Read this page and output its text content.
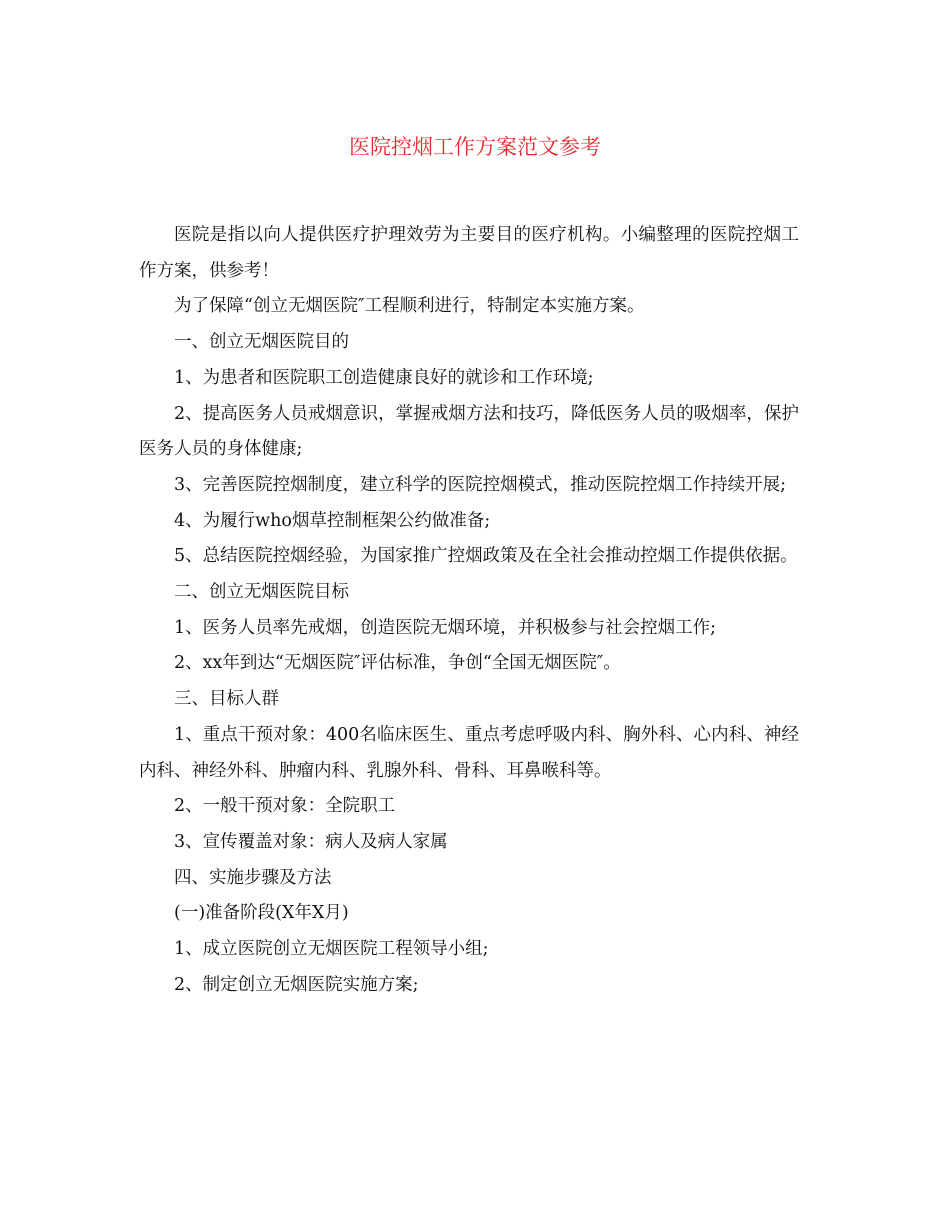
医院控烟工作方案范文参考

医院是指以向人提供医疗护理效劳为主要目的医疗机构。小编整理的医院控烟工作方案，供参考！

为了保障“创立无烟医院″工程顺利进行，特制定本实施方案。

一、创立无烟医院目的

1、为患者和医院职工创造健康良好的就诊和工作环境;

2、提高医务人员戒烟意识，掌握戒烟方法和技巧，降低医务人员的吸烟率，保护医务人员的身体健康;

3、完善医院控烟制度，建立科学的医院控烟模式，推动医院控烟工作持续开展;

4、为履行who烟草控制框架公约做准备;

5、总结医院控烟经验，为国家推广控烟政策及在全社会推动控烟工作提供依据。

二、创立无烟医院目标

1、医务人员率先戒烟，创造医院无烟环境，并积极参与社会控烟工作;

2、xx年到达“无烟医院″评估标准，争创“全国无烟医院″。

三、目标人群

1、重点干预对象：400名临床医生、重点考虑呼吸内科、胸外科、心内科、神经内科、神经外科、肿瘤内科、乳腺外科、骨科、耳鼻喉科等。

2、一般干预对象：全院职工

3、宣传覆盖对象：病人及病人家属

四、实施步骤及方法

(一)准备阶段(X年X月)

1、成立医院创立无烟医院工程领导小组;

2、制定创立无烟医院实施方案;
